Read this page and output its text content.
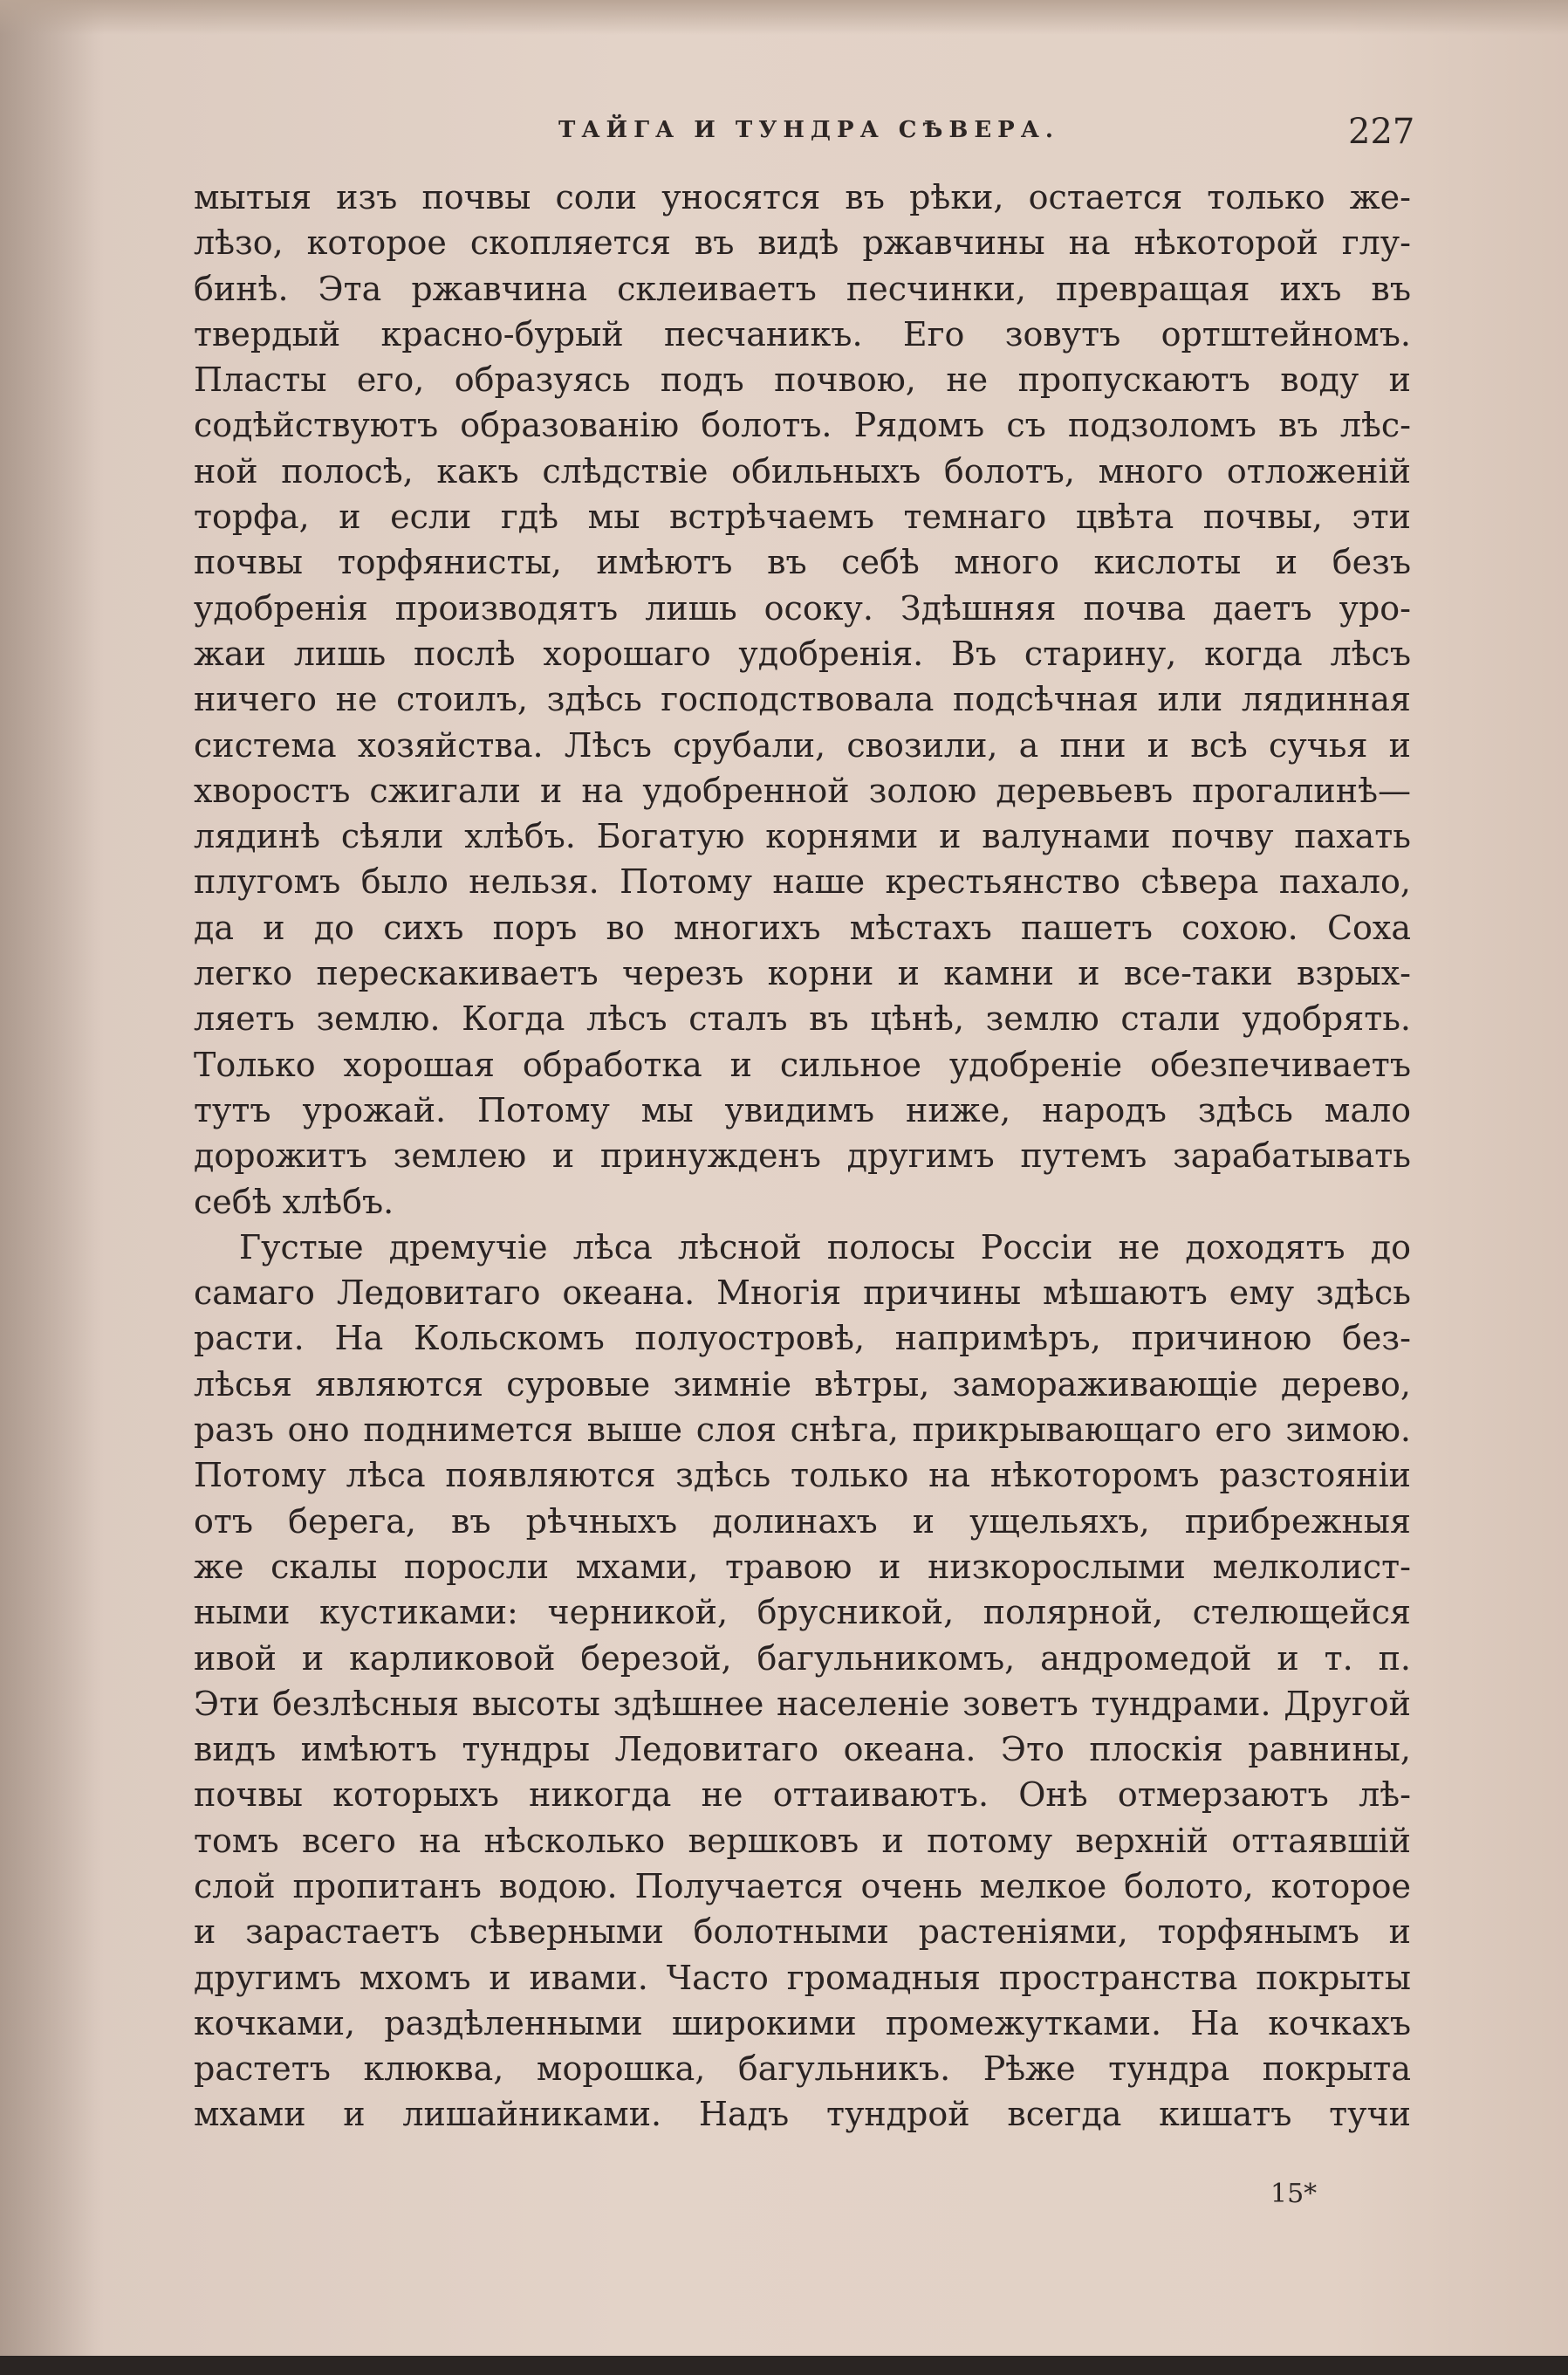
ТАЙГА И ТУНДРА СѢВЕРА.	227
мытыя изъ почвы соли уносятся въ рѣки, остается только же-
лѣзо, которое скопляется въ видѣ ржавчины на нѣкоторой глу-
бинѣ. Эта ржавчина склеиваетъ песчинки, превращая ихъ въ
твердый красно-бурый песчаникъ. Его зовутъ ортштейномъ.
Пласты его, образуясь подъ почвою, не пропускаютъ воду и
содѣйствуютъ образованію болотъ. Рядомъ съ подзоломъ въ лѣс-
ной полосѣ, какъ слѣдствіе обильныхъ болотъ, много отложеній
торфа, и если гдѣ мы встрѣчаемъ темнаго цвѣта почвы, эти
почвы торфянисты, имѣютъ въ себѣ много кислоты и безъ
удобренія производятъ лишь осоку. Здѣшняя почва даетъ уро-
жаи лишь послѣ хорошаго удобренія. Въ старину, когда лѣсъ
ничего не стоилъ, здѣсь господствовала подсѣчная или лядинная
система хозяйства. Лѣсъ срубали, свозили, а пни и всѣ сучья и
хворостъ сжигали и на удобренной золою деревьевъ прогалинѣ—
лядинѣ сѣяли хлѣбъ. Богатую корнями и валунами почву пахать
плугомъ было нельзя. Потому наше крестьянство сѣвера пахало,
да и до сихъ поръ во многихъ мѣстахъ пашетъ сохою. Соха
легко перескакиваетъ черезъ корни и камни и все-таки взрых-
ляетъ землю. Когда лѣсъ сталъ въ цѣнѣ, землю стали удобрять.
Только хорошая обработка и сильное удобреніе обезпечиваетъ
тутъ урожай. Потому мы увидимъ ниже, народъ здѣсь мало
дорожитъ землею и принужденъ другимъ путемъ зарабатывать
себѣ хлѣбъ.
Густые дремучіе лѣса лѣсной полосы Россіи не доходятъ до
самаго Ледовитаго океана. Многія причины мѣшаютъ ему здѣсь
расти. На Кольскомъ полуостровѣ, напримѣръ, причиною без-
лѣсья являются суровые зимніе вѣтры, замораживающіе дерево,
разъ оно поднимется выше слоя снѣга, прикрывающаго его зимою.
Потому лѣса появляются здѣсь только на нѣкоторомъ разстояніи
отъ берега, въ рѣчныхъ долинахъ и ущельяхъ, прибрежныя
же скалы поросли мхами, травою и низкорослыми мелколист-
ными кустиками: черникой, брусникой, полярной, стелющейся
ивой и карликовой березой, багульникомъ, андромедой и т. п.
Эти безлѣсныя высоты здѣшнее населеніе зоветъ тундрами. Другой
видъ имѣютъ тундры Ледовитаго океана. Это плоскія равнины,
почвы которыхъ никогда не оттаиваютъ. Онѣ отмерзаютъ лѣ-
томъ всего на нѣсколько вершковъ и потому верхній оттаявшій
слой пропитанъ водою. Получается очень мелкое болото, которое
и зарастаетъ сѣверными болотными растеніями, торфянымъ и
другимъ мхомъ и ивами. Часто громадныя пространства покрыты
кочками, раздѣленными широкими промежутками. На кочкахъ
растетъ клюква, морошка, багульникъ. Рѣже тундра покрыта
мхами и лишайниками. Надъ тундрой всегда кишатъ тучи
15*
